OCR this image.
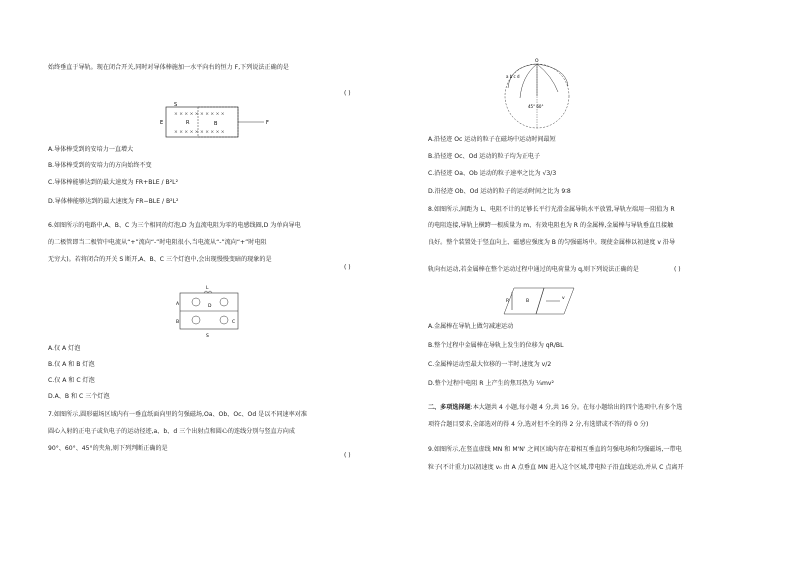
始终垂直于导轨。现在闭合开关,同时对导体棒施加一水平向右的恒力 F,下列说法正确的是
( )
S
E	R	B	F
× × × × × × × × × ×
× × × × × × × × × ×
A.导体棒受到的安培力一直增大
B.导体棒受到的安培力的方向始终不变
C.导体棒能够达到的最大速度为 FR+BLE / B²L²
D.导体棒能够达到的最大速度为 FR−BLE / B²L²
6.如图所示的电路中,A、B、C 为三个相同的灯泡,D 为直流电阻为零的电感线圈,D 为单向导电
的二极管即当二极管中电流从“+”流向“-”时电阻很小,当电流从“-”流向“+”时电阻
无穷大)。若将闭合的开关 S 断开,A、B、C 三个灯泡中,会出现慢慢变暗的现象的是
( )
L
D
A
B	C
S
A.仅 A 灯泡
B.仅 A 和 B 灯泡
C.仅 A 和 C 灯泡
D.A、B 和 C 三个灯泡
7.如图所示,圆形磁场区域内有一垂直纸面向里的匀强磁场,Oa、Ob、Oc、Od 是以不同速率对准
圆心入射的正电子或负电子的运动径迹,a、b、d 三个出射点和圆心的连线分别与竖直方向成
90°、60°、45°的夹角,则下列判断正确的是
( )
O
a b c d
45° 60°
A.沿径迹 Oc 运动的粒子在磁场中运动时间最短
B.沿径迹 Oc、Od 运动的粒子均为正电子
C.沿径迹 Oa、Ob 运动的粒子速率之比为 √3/3
D.沿径迹 Ob、Od 运动的粒子的运动时间之比为 9∶8
8.如图所示,间距为 L、电阻不计的足够长平行光滑金属导轨水平放置,导轨左端用一阻值为 R
的电阻连接,导轨上横跨一根质量为 m、有效电阻也为 R 的金属棒,金属棒与导轨垂直且接触
良好。整个装置处于竖直向上、磁感应强度为 B 的匀强磁场中。现使金属棒以初速度 v 沿导
轨向右运动,若金属棒在整个运动过程中通过的电荷量为 q,则下列说法正确的是	( )
R	B
v
A.金属棒在导轨上做匀减速运动
B.整个过程中金属棒在导轨上发生的位移为 qR/BL
C.金属棒运动至最大位移的一半时,速度为 v/2
D.整个过程中电阻 R 上产生的焦耳热为 ¼mv²
二、多项选择题:本大题共 4 小题,每小题 4 分,共 16 分。在每小题给出的四个选项中,有多个选
项符合题目要求,全部选对的得 4 分,选对但不全的得 2 分,有选错或不答的得 0 分)
9.如图所示,在竖直虚线 MN 和 M'N' 之间区域内存在着相互垂直的匀强电场和匀强磁场,一带电
粒子(不计重力)以初速度 v₀ 由 A 点垂直 MN 进入这个区域,带电粒子沿直线运动,并从 C 点离开
